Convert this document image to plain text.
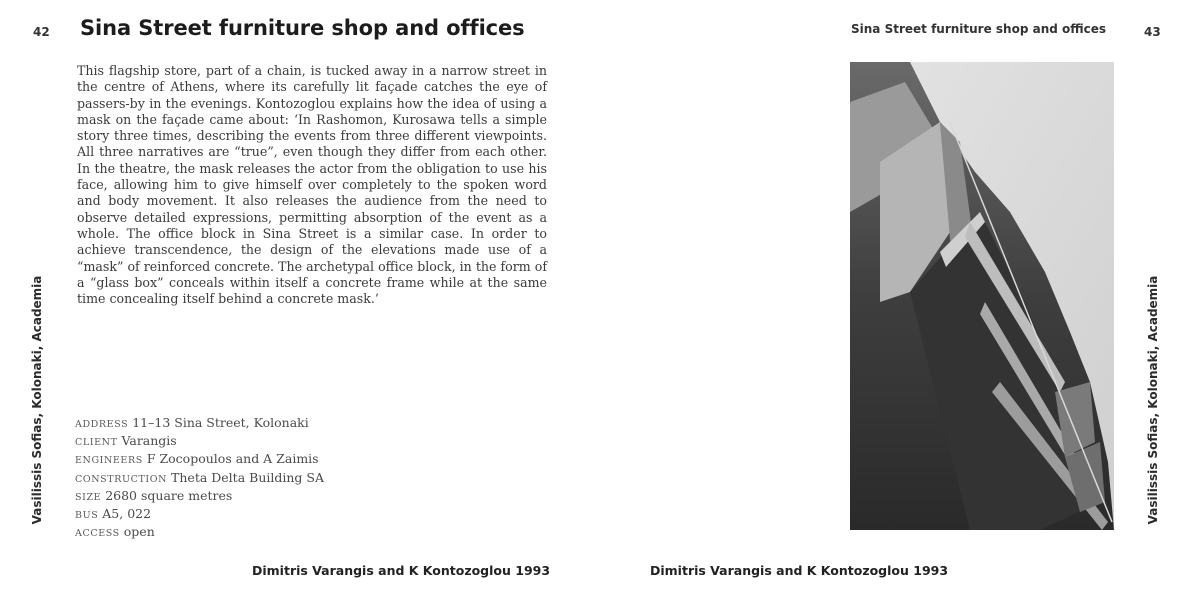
42 Sina Street furniture shop and offices
Vasilissis Sofias, Kolonaki, Academia

This flagship store, part of a chain, is tucked away in a narrow street in the centre of Athens, where its carefully lit façade catches the eye of passers-by in the evenings. Kontozoglou explains how the idea of using a mask on the façade came about: ‘In Rashomon, Kurosawa tells a simple story three times, describing the events from three different viewpoints. All three narratives are “true”, even though they differ from each other. In the theatre, the mask releases the actor from the obligation to use his face, allowing him to give himself over completely to the spoken word and body movement. It also releases the audience from the need to observe detailed expressions, permitting absorption of the event as a whole. The office block in Sina Street is a similar case. In order to achieve transcendence, the design of the elevations made use of a “mask” of reinforced concrete. The archetypal office block, in the form of a “glass box” conceals within itself a concrete frame while at the same time concealing itself behind a concrete mask.’

ADDRESS 11–13 Sina Street, Kolonaki
CLIENT Varangis
ENGINEERS F Zocopoulos and A Zaimis
CONSTRUCTION Theta Delta Building SA
SIZE 2680 square metres
BUS A5, 022
ACCESS open
Dimitris Varangis and K Kontozoglou 1993
Sina Street furniture shop and offices	43
Vasilissis Sofias, Kolonaki, Academia
Dimitris Varangis and K Kontozoglou 1993
